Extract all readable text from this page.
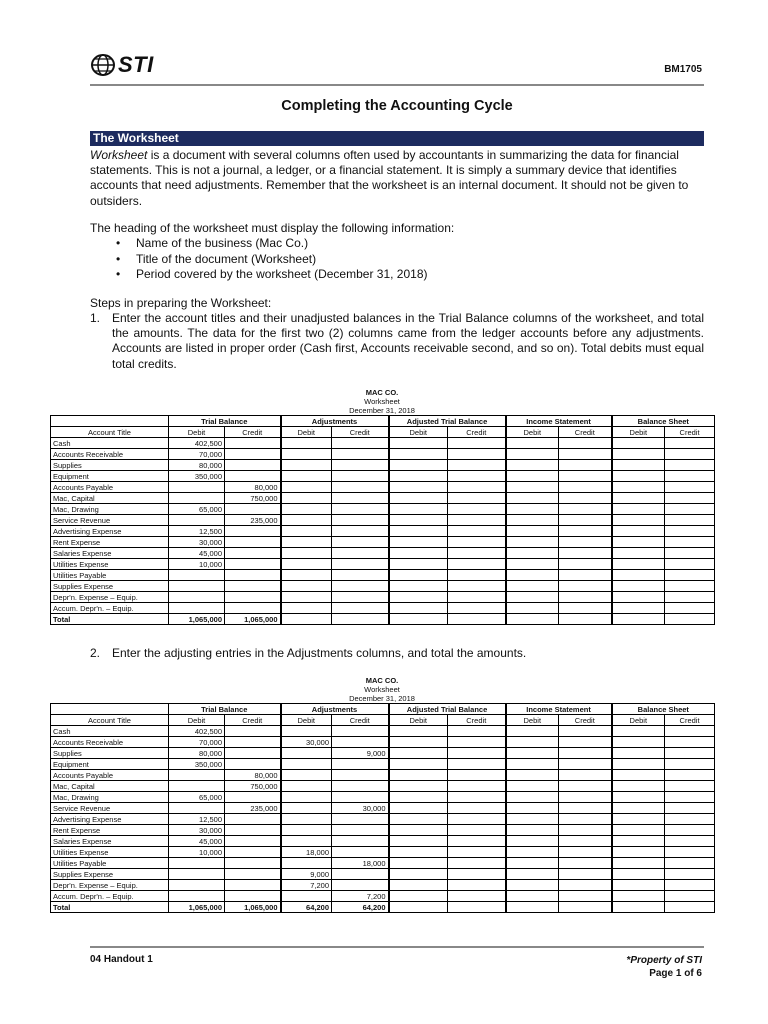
STI	BM1705
Completing the Accounting Cycle
The Worksheet
Worksheet is a document with several columns often used by accountants in summarizing the data for financial statements. This is not a journal, a ledger, or a financial statement. It is simply a summary device that identifies accounts that need adjustments. Remember that the worksheet is an internal document. It should not be given to outsiders.
The heading of the worksheet must display the following information:
• Name of the business (Mac Co.)
• Title of the document (Worksheet)
• Period covered by the worksheet (December 31, 2018)
Steps in preparing the Worksheet:
1. Enter the account titles and their unadjusted balances in the Trial Balance columns of the worksheet, and total the amounts. The data for the first two (2) columns came from the ledger accounts before any adjustments. Accounts are listed in proper order (Cash first, Accounts receivable second, and so on). Total debits must equal total credits.
MAC CO.
Worksheet
December 31, 2018
	Trial Balance		Adjustments		Adjusted Trial Balance		Income Statement		Balance Sheet	
Account Title	Debit	Credit	Debit	Credit	Debit	Credit	Debit	Credit	Debit	Credit
Cash	402,500									
Accounts Receivable	70,000									
Supplies	80,000									
Equipment	350,000									
Accounts Payable		80,000								
Mac, Capital		750,000								
Mac, Drawing	65,000									
Service Revenue		235,000								
Advertising Expense	12,500									
Rent Expense	30,000									
Salaries Expense	45,000									
Utilities Expense	10,000									
Utilities Payable										
Supplies Expense										
Depr'n. Expense – Equip.										
Accum. Depr'n. – Equip.										
Total	1,065,000	1,065,000								
2. Enter the adjusting entries in the Adjustments columns, and total the amounts.
MAC CO.
Worksheet
December 31, 2018
	Trial Balance		Adjustments		Adjusted Trial Balance		Income Statement		Balance Sheet	
Account Title	Debit	Credit	Debit	Credit	Debit	Credit	Debit	Credit	Debit	Credit
Cash	402,500									
Accounts Receivable	70,000		30,000							
Supplies	80,000			9,000						
Equipment	350,000									
Accounts Payable		80,000								
Mac, Capital		750,000								
Mac, Drawing	65,000									
Service Revenue		235,000		30,000						
Advertising Expense	12,500									
Rent Expense	30,000									
Salaries Expense	45,000									
Utilities Expense	10,000		18,000							
Utilities Payable				18,000						
Supplies Expense			9,000							
Depr'n. Expense – Equip.			7,200							
Accum. Depr'n. – Equip.				7,200						
Total	1,065,000	1,065,000	64,200	64,200						
04 Handout 1	*Property of STI
Page 1 of 6
